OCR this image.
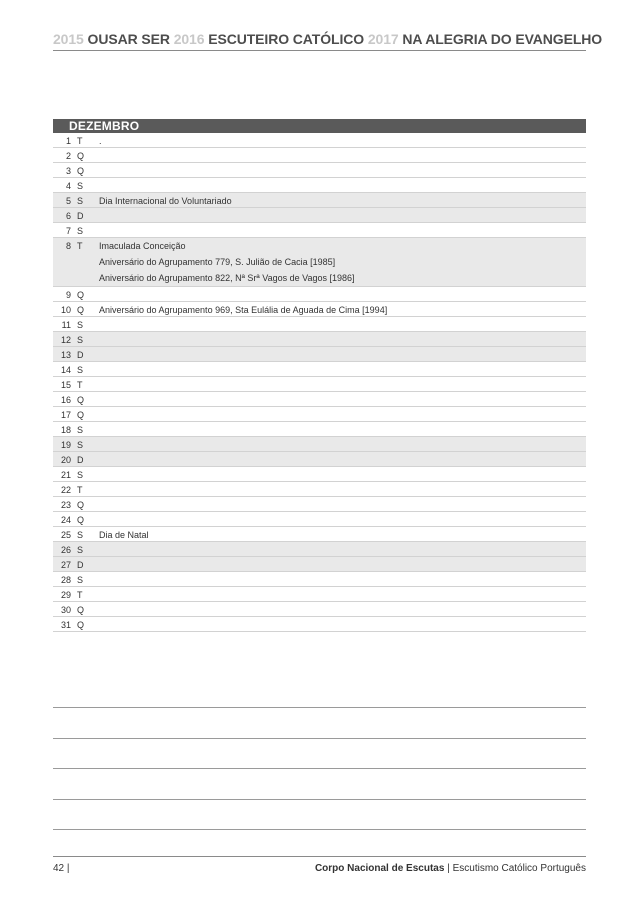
2015 OUSAR SER 2016 ESCUTEIRO CATÓLICO 2017 NA ALEGRIA DO EVANGELHO
DEZEMBRO
1 T	.
2 Q
3 Q
4 S
5 S	Dia Internacional do Voluntariado
6 D
7 S
8 T	Imaculada Conceição
Aniversário do Agrupamento 779, S. Julião de Cacia [1985]
Aniversário do Agrupamento 822, Nª Srª Vagos de Vagos [1986]
9 Q
10 Q	Aniversário do Agrupamento 969, Sta Eulália de Aguada de Cima [1994]
11 S
12 S
13 D
14 S
15 T
16 Q
17 Q
18 S
19 S
20 D
21 S
22 T
23 Q
24 Q
25 S	Dia de Natal
26 S
27 D
28 S
29 T
30 Q
31 Q
42 |	Corpo Nacional de Escutas | Escutismo Católico Português
